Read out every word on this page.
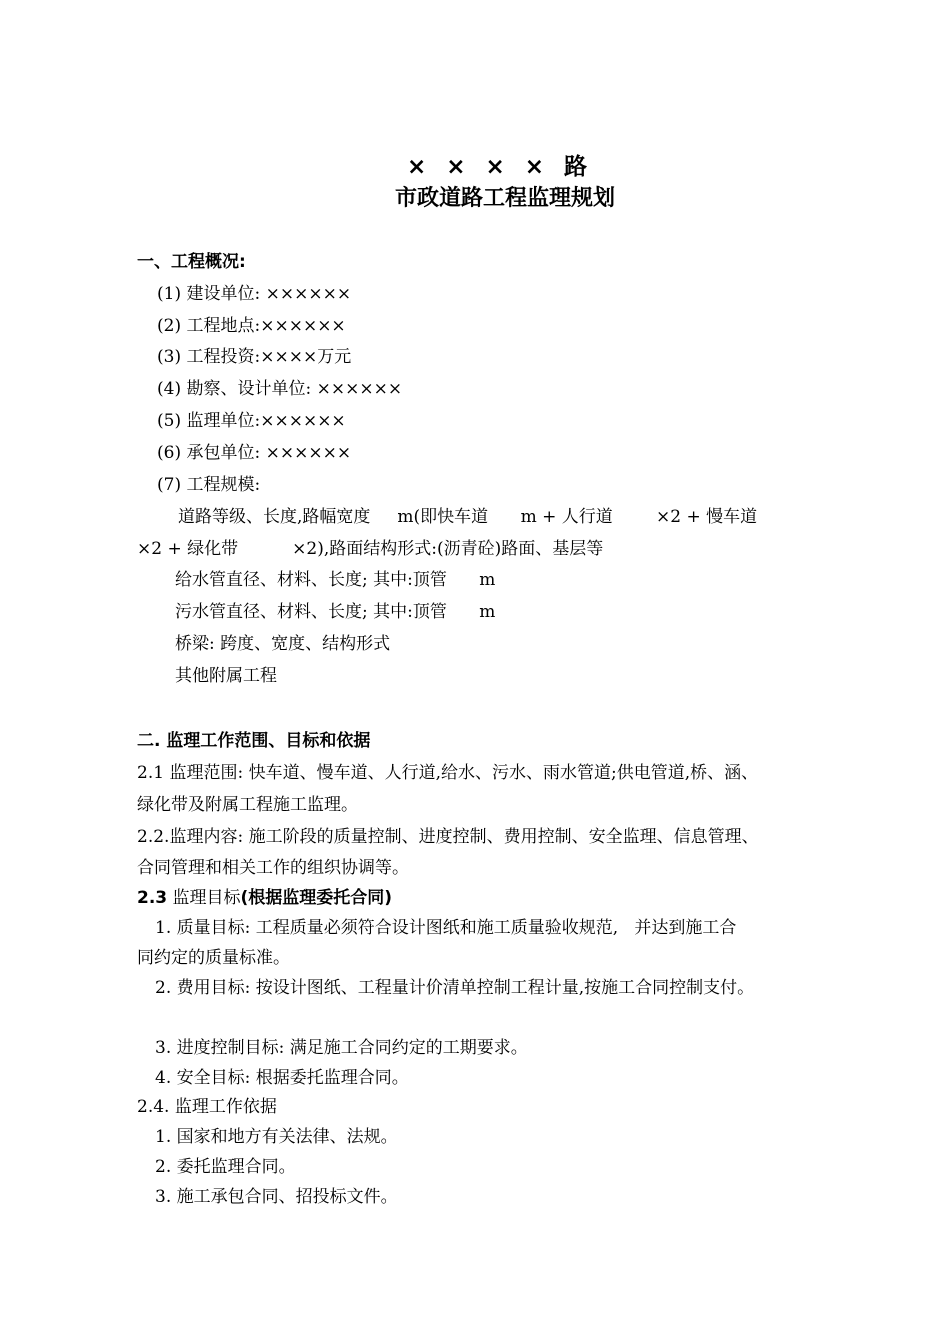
× × × × 路
市政道路工程监理规划
一、工程概况:
(1) 建设单位: ××××××
(2) 工程地点:××××××
(3) 工程投资:××××万元
(4) 勘察、设计单位: ××××××
(5) 监理单位:××××××
(6) 承包单位: ××××××
(7) 工程规模:
道路等级、长度,路幅宽度     m(即快车道      m + 人行道        ×2 + 慢车道
×2 + 绿化带          ×2),路面结构形式:(沥青砼)路面、基层等
给水管直径、材料、长度; 其中:顶管      m
污水管直径、材料、长度; 其中:顶管      m
桥梁: 跨度、宽度、结构形式
其他附属工程
二. 监理工作范围、目标和依据
2.1 监理范围: 快车道、慢车道、人行道,给水、污水、雨水管道;供电管道,桥、涵、
绿化带及附属工程施工监理。
2.2.监理内容: 施工阶段的质量控制、进度控制、费用控制、安全监理、信息管理、
合同管理和相关工作的组织协调等。
2.3 监理目标(根据监理委托合同)
1. 质量目标: 工程质量必须符合设计图纸和施工质量验收规范,   并达到施工合
同约定的质量标准。
2. 费用目标: 按设计图纸、工程量计价清单控制工程计量,按施工合同控制支付。
3. 进度控制目标: 满足施工合同约定的工期要求。
4. 安全目标: 根据委托监理合同。
2.4. 监理工作依据
1. 国家和地方有关法律、法规。
2. 委托监理合同。
3. 施工承包合同、招投标文件。
